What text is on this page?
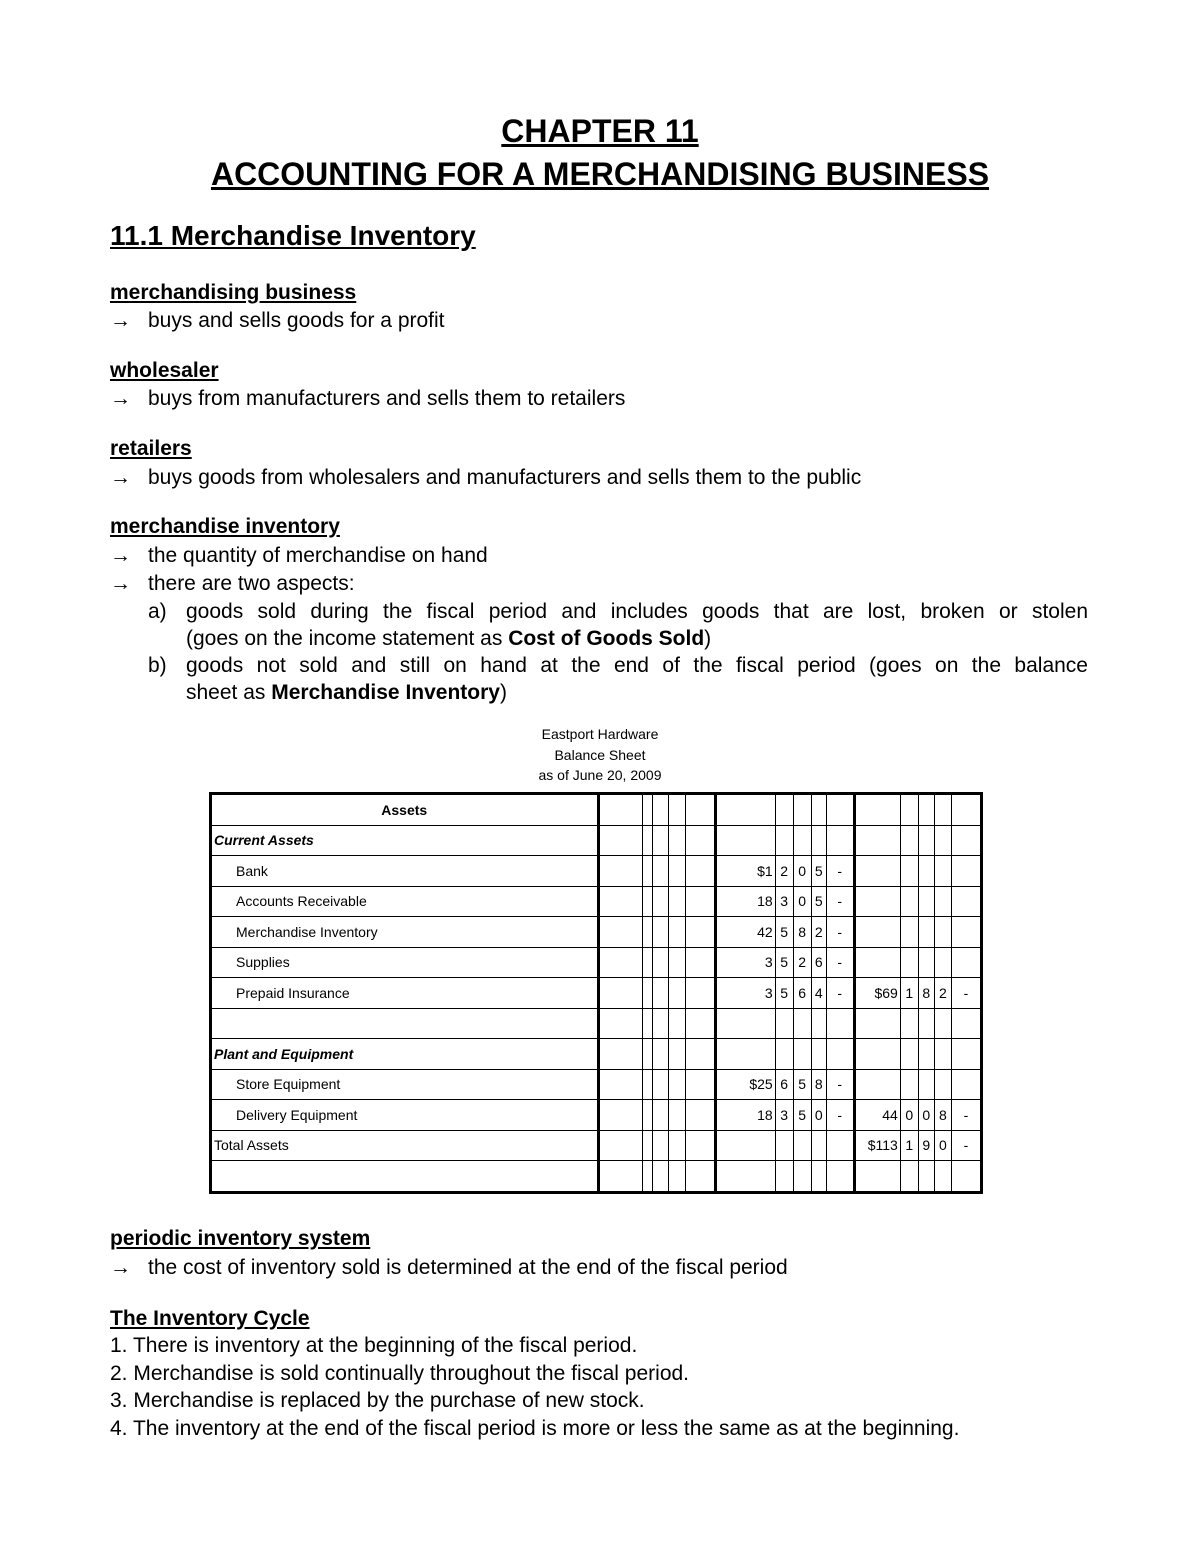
CHAPTER 11
ACCOUNTING FOR A MERCHANDISING BUSINESS
11.1 Merchandise Inventory
merchandising business
→ buys and sells goods for a profit
wholesaler
→ buys from manufacturers and sells them to retailers
retailers
→ buys goods from wholesalers and manufacturers and sells them to the public
merchandise inventory
→ the quantity of merchandise on hand
→ there are two aspects:
a) goods sold during the fiscal period and includes goods that are lost, broken or stolen
(goes on the income statement as Cost of Goods Sold)
b) goods not sold and still on hand at the end of the fiscal period (goes on the balance
sheet as Merchandise Inventory)
Eastport Hardware
Balance Sheet
as of June 20, 2009
Assets															
Current Assets															
Bank						$1	2	0	5	-					
Accounts Receivable						18	3	0	5	-					
Merchandise Inventory						42	5	8	2	-					
Supplies						3	5	2	6	-					
Prepaid Insurance						3	5	6	4	-	$69	1	8	2	-

Plant and Equipment															
Store Equipment						$25	6	5	8	-					
Delivery Equipment						18	3	5	0	-	44	0	0	8	-
Total Assets											$113	1	9	0	-

periodic inventory system
→ the cost of inventory sold is determined at the end of the fiscal period
The Inventory Cycle
1. There is inventory at the beginning of the fiscal period.
2. Merchandise is sold continually throughout the fiscal period.
3. Merchandise is replaced by the purchase of new stock.
4. The inventory at the end of the fiscal period is more or less the same as at the beginning.
